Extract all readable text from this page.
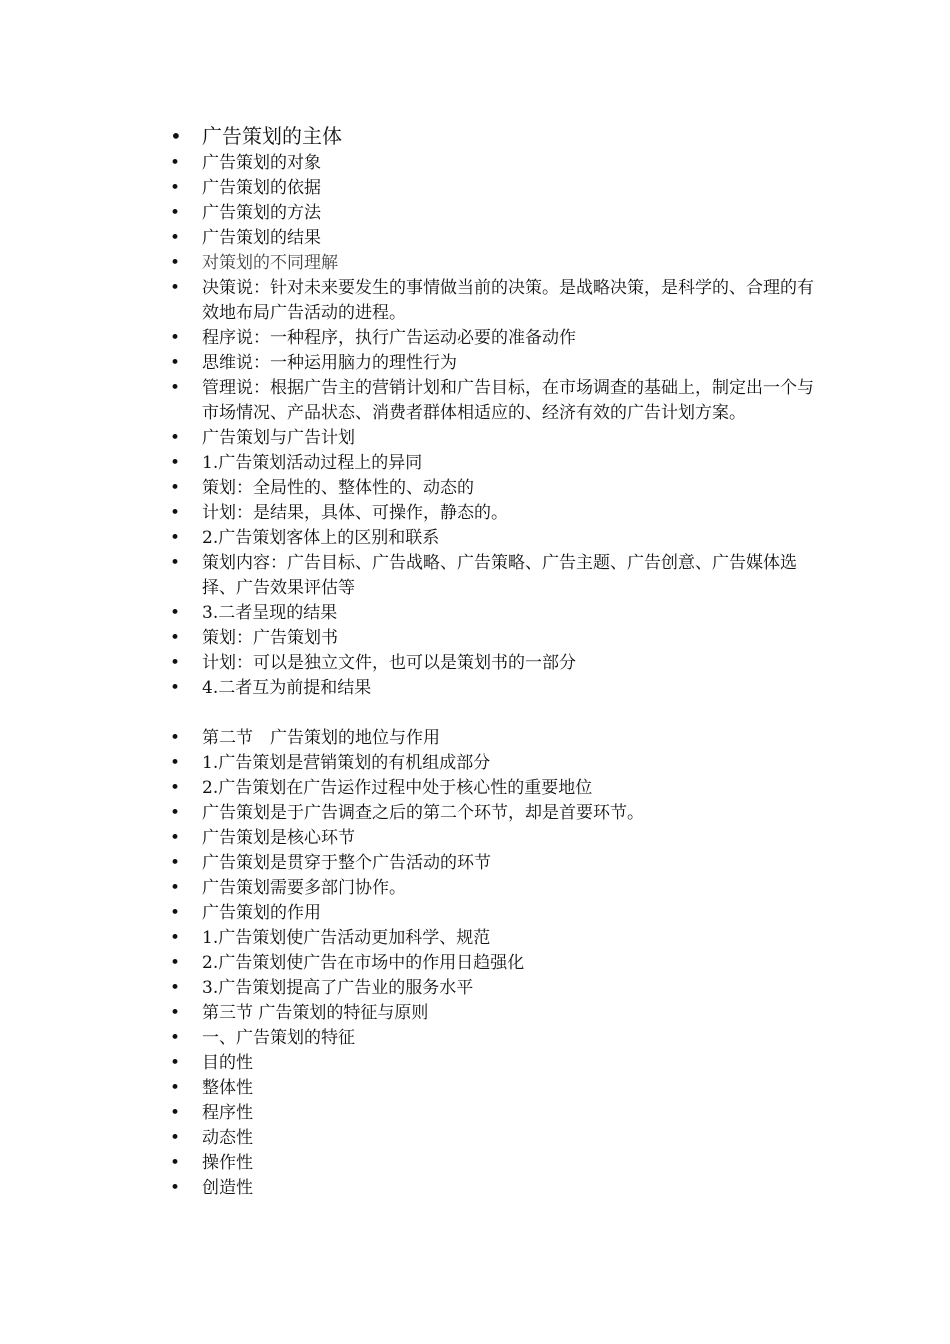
•	广告策划的主体
•	广告策划的对象
•	广告策划的依据
•	广告策划的方法
•	广告策划的结果
•	对策划的不同理解
•	决策说：针对未来要发生的事情做当前的决策。是战略决策，是科学的、合理的有效地布局广告活动的进程。
•	程序说：一种程序，执行广告运动必要的准备动作
•	思维说：一种运用脑力的理性行为
•	管理说：根据广告主的营销计划和广告目标，在市场调查的基础上，制定出一个与市场情况、产品状态、消费者群体相适应的、经济有效的广告计划方案。
•	广告策划与广告计划
•	1.广告策划活动过程上的异同
•	策划：全局性的、整体性的、动态的
•	计划：是结果，具体、可操作，静态的。
•	2.广告策划客体上的区别和联系
•	策划内容：广告目标、广告战略、广告策略、广告主题、广告创意、广告媒体选择、广告效果评估等
•	3.二者呈现的结果
•	策划：广告策划书
•	计划：可以是独立文件，也可以是策划书的一部分
•	4.二者互为前提和结果
•	第二节　广告策划的地位与作用
•	1.广告策划是营销策划的有机组成部分
•	2.广告策划在广告运作过程中处于核心性的重要地位
•	广告策划是于广告调查之后的第二个环节，却是首要环节。
•	广告策划是核心环节
•	广告策划是贯穿于整个广告活动的环节
•	广告策划需要多部门协作。
•	广告策划的作用
•	1.广告策划使广告活动更加科学、规范
•	2.广告策划使广告在市场中的作用日趋强化
•	3.广告策划提高了广告业的服务水平
•	第三节 广告策划的特征与原则
•	一、广告策划的特征
•	目的性
•	整体性
•	程序性
•	动态性
•	操作性
•	创造性
